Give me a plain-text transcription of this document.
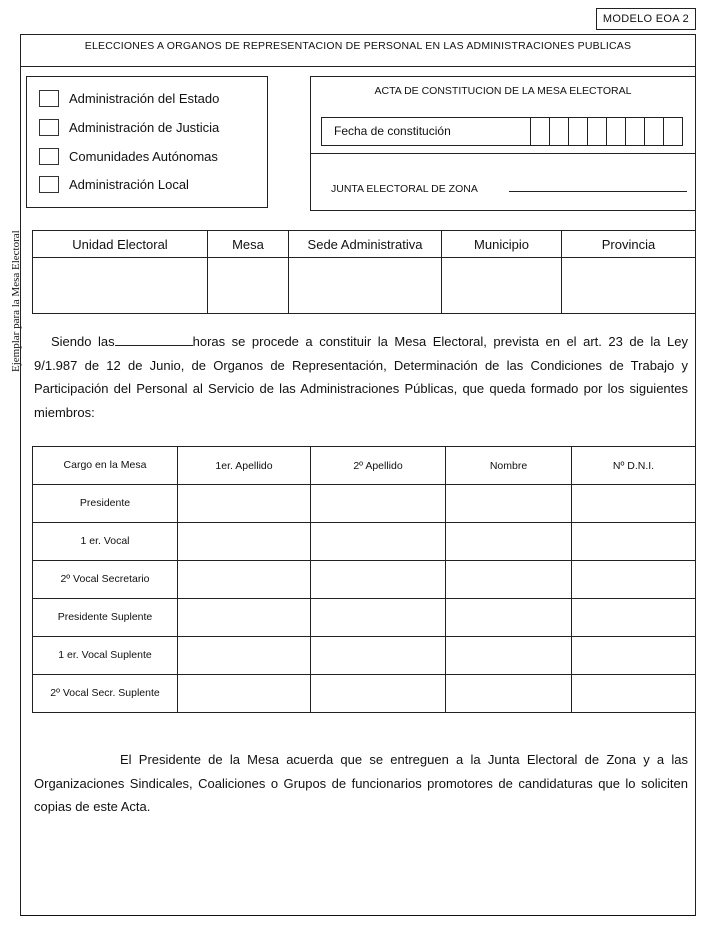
MODELO EOA 2
Ejemplar para la Mesa Electoral
ELECCIONES A ORGANOS DE REPRESENTACION DE PERSONAL EN LAS ADMINISTRACIONES PUBLICAS
Administración del Estado
Administración de Justicia
Comunidades Autónomas
Administración Local
ACTA DE CONSTITUCION DE LA MESA ELECTORAL
Fecha de constitución
JUNTA ELECTORAL DE ZONA
Unidad Electoral	Mesa	Sede Administrativa	Municipio	Provincia

Siendo las	horas se procede a constituir la Mesa Electoral, prevista en el art. 23 de la Ley 9/1.987 de 12 de Junio, de Organos de Representación, Determinación de las Condiciones de Trabajo y Participación del Personal al Servicio de las Administraciones Públicas, que queda formado por los siguientes miembros:
Cargo en la Mesa	1er. Apellido	2º Apellido	Nombre	Nº D.N.I.
Presidente				
1 er. Vocal				
2º Vocal Secretario				
Presidente Suplente				
1 er. Vocal Suplente				
2º Vocal Secr. Suplente				
El Presidente de la Mesa acuerda que se entreguen a la Junta Electoral de Zona y a las Organizaciones Sindicales, Coaliciones o Grupos de funcionarios promotores de candidaturas que lo soliciten copias de este Acta.
